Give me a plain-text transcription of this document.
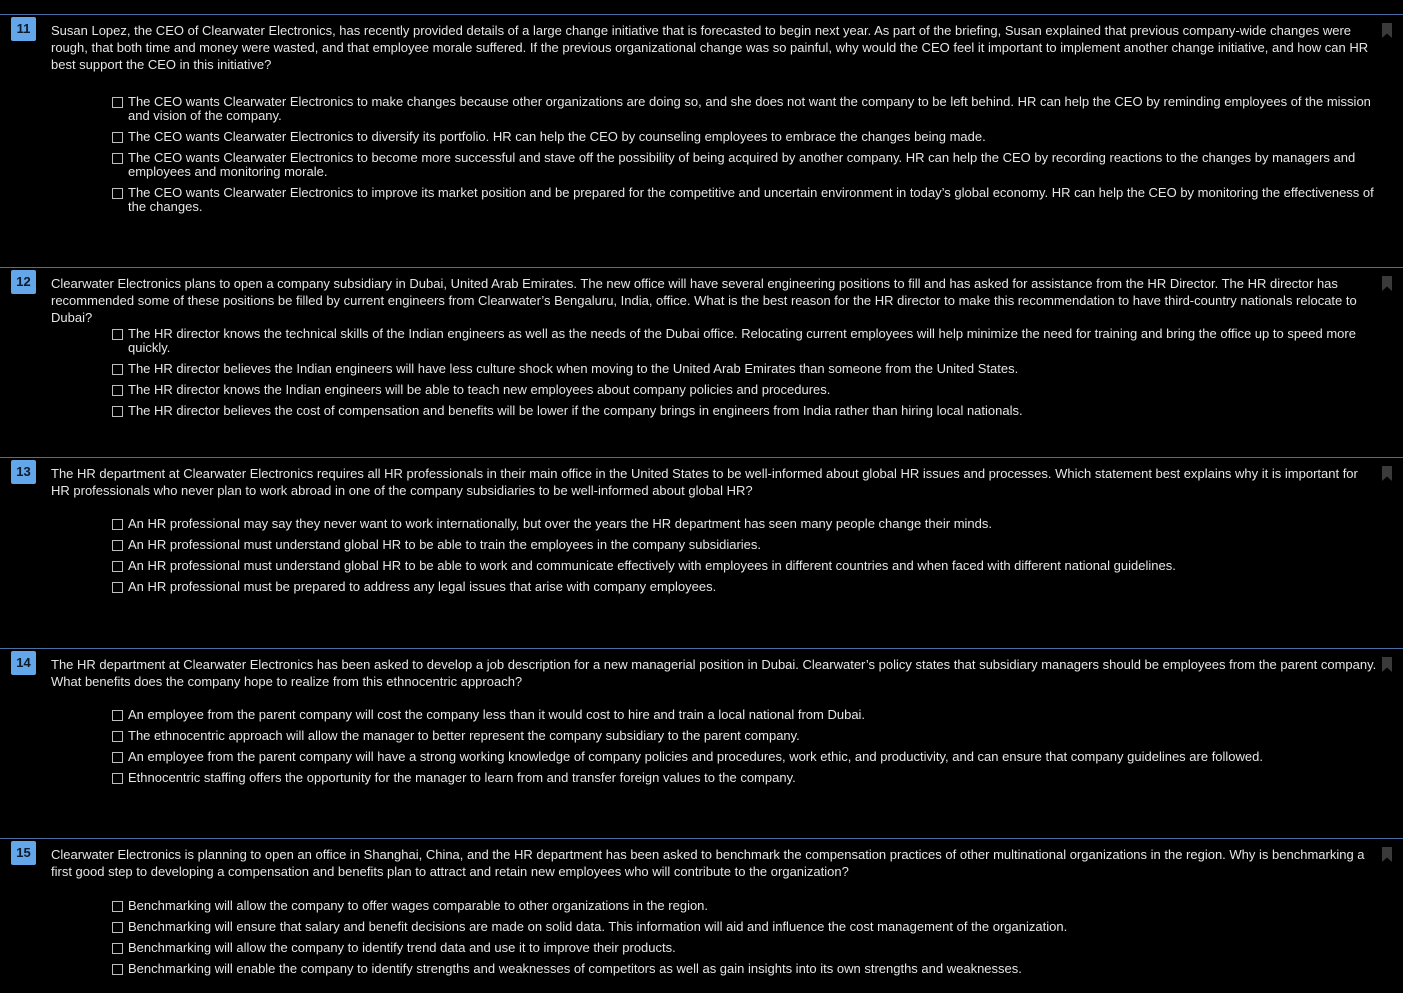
11	Susan Lopez, the CEO of Clearwater Electronics, has recently provided details of a large change initiative that is forecasted to begin next year. As part of the briefing, Susan explained that previous company-wide changes were rough, that both time and money were wasted, and that employee morale suffered. If the previous organizational change was so painful, why would the CEO feel it important to implement another change initiative, and how can HR best support the CEO in this initiative?
The CEO wants Clearwater Electronics to make changes because other organizations are doing so, and she does not want the company to be left behind. HR can help the CEO by reminding employees of the mission and vision of the company.
The CEO wants Clearwater Electronics to diversify its portfolio. HR can help the CEO by counseling employees to embrace the changes being made.
The CEO wants Clearwater Electronics to become more successful and stave off the possibility of being acquired by another company. HR can help the CEO by recording reactions to the changes by managers and employees and monitoring morale.
The CEO wants Clearwater Electronics to improve its market position and be prepared for the competitive and uncertain environment in today’s global economy. HR can help the CEO by monitoring the effectiveness of the changes.
12	Clearwater Electronics plans to open a company subsidiary in Dubai, United Arab Emirates. The new office will have several engineering positions to fill and has asked for assistance from the HR Director. The HR director has recommended some of these positions be filled by current engineers from Clearwater’s Bengaluru, India, office. What is the best reason for the HR director to make this recommendation to have third-country nationals relocate to Dubai?
The HR director knows the technical skills of the Indian engineers as well as the needs of the Dubai office. Relocating current employees will help minimize the need for training and bring the office up to speed more quickly.
The HR director believes the Indian engineers will have less culture shock when moving to the United Arab Emirates than someone from the United States.
The HR director knows the Indian engineers will be able to teach new employees about company policies and procedures.
The HR director believes the cost of compensation and benefits will be lower if the company brings in engineers from India rather than hiring local nationals.
13	The HR department at Clearwater Electronics requires all HR professionals in their main office in the United States to be well-informed about global HR issues and processes. Which statement best explains why it is important for HR professionals who never plan to work abroad in one of the company subsidiaries to be well-informed about global HR?
An HR professional may say they never want to work internationally, but over the years the HR department has seen many people change their minds.
An HR professional must understand global HR to be able to train the employees in the company subsidiaries.
An HR professional must understand global HR to be able to work and communicate effectively with employees in different countries and when faced with different national guidelines.
An HR professional must be prepared to address any legal issues that arise with company employees.
14	The HR department at Clearwater Electronics has been asked to develop a job description for a new managerial position in Dubai. Clearwater’s policy states that subsidiary managers should be employees from the parent company. What benefits does the company hope to realize from this ethnocentric approach?
An employee from the parent company will cost the company less than it would cost to hire and train a local national from Dubai.
The ethnocentric approach will allow the manager to better represent the company subsidiary to the parent company.
An employee from the parent company will have a strong working knowledge of company policies and procedures, work ethic, and productivity, and can ensure that company guidelines are followed.
Ethnocentric staffing offers the opportunity for the manager to learn from and transfer foreign values to the company.
15	Clearwater Electronics is planning to open an office in Shanghai, China, and the HR department has been asked to benchmark the compensation practices of other multinational organizations in the region. Why is benchmarking a first good step to developing a compensation and benefits plan to attract and retain new employees who will contribute to the organization?
Benchmarking will allow the company to offer wages comparable to other organizations in the region.
Benchmarking will ensure that salary and benefit decisions are made on solid data. This information will aid and influence the cost management of the organization.
Benchmarking will allow the company to identify trend data and use it to improve their products.
Benchmarking will enable the company to identify strengths and weaknesses of competitors as well as gain insights into its own strengths and weaknesses.
